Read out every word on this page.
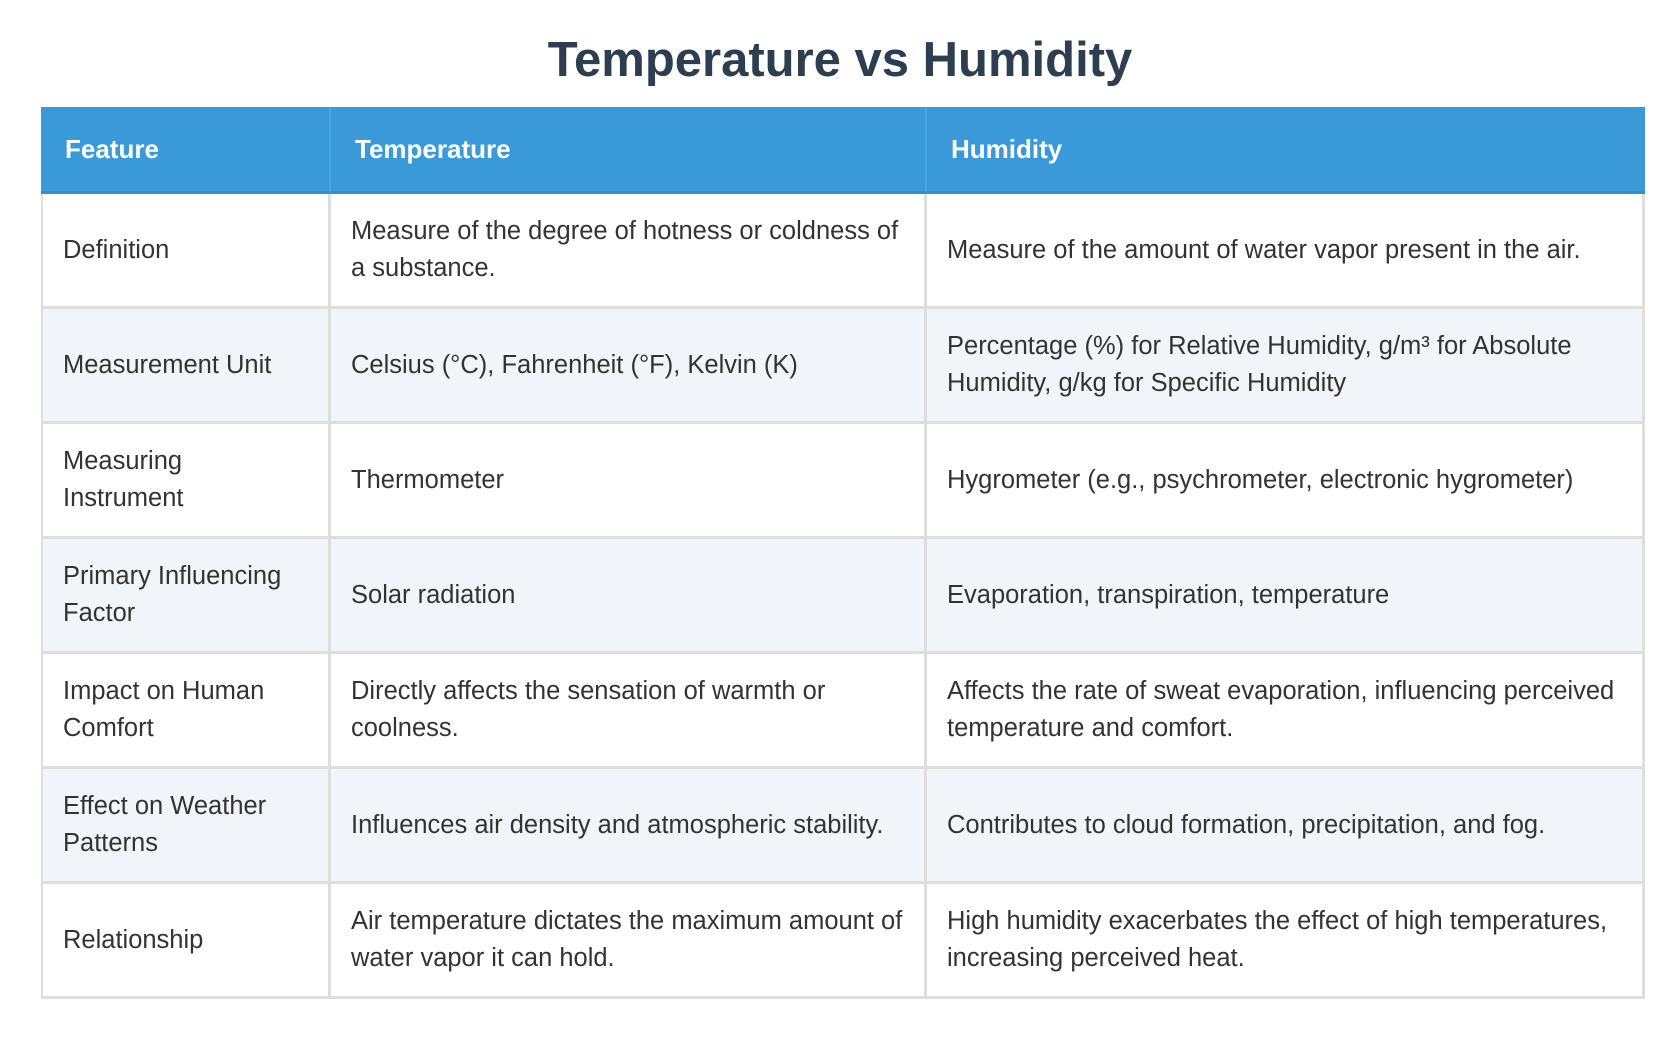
Temperature vs Humidity
Feature	Temperature	Humidity
Definition	Measure of the degree of hotness or coldness of a substance.	Measure of the amount of water vapor present in the air.
Measurement Unit	Celsius (°C), Fahrenheit (°F), Kelvin (K)	Percentage (%) for Relative Humidity, g/m³ for Absolute Humidity, g/kg for Specific Humidity
Measuring Instrument	Thermometer	Hygrometer (e.g., psychrometer, electronic hygrometer)
Primary Influencing Factor	Solar radiation	Evaporation, transpiration, temperature
Impact on Human Comfort	Directly affects the sensation of warmth or coolness.	Affects the rate of sweat evaporation, influencing perceived temperature and comfort.
Effect on Weather Patterns	Influences air density and atmospheric stability.	Contributes to cloud formation, precipitation, and fog.
Relationship	Air temperature dictates the maximum amount of water vapor it can hold.	High humidity exacerbates the effect of high temperatures, increasing perceived heat.
